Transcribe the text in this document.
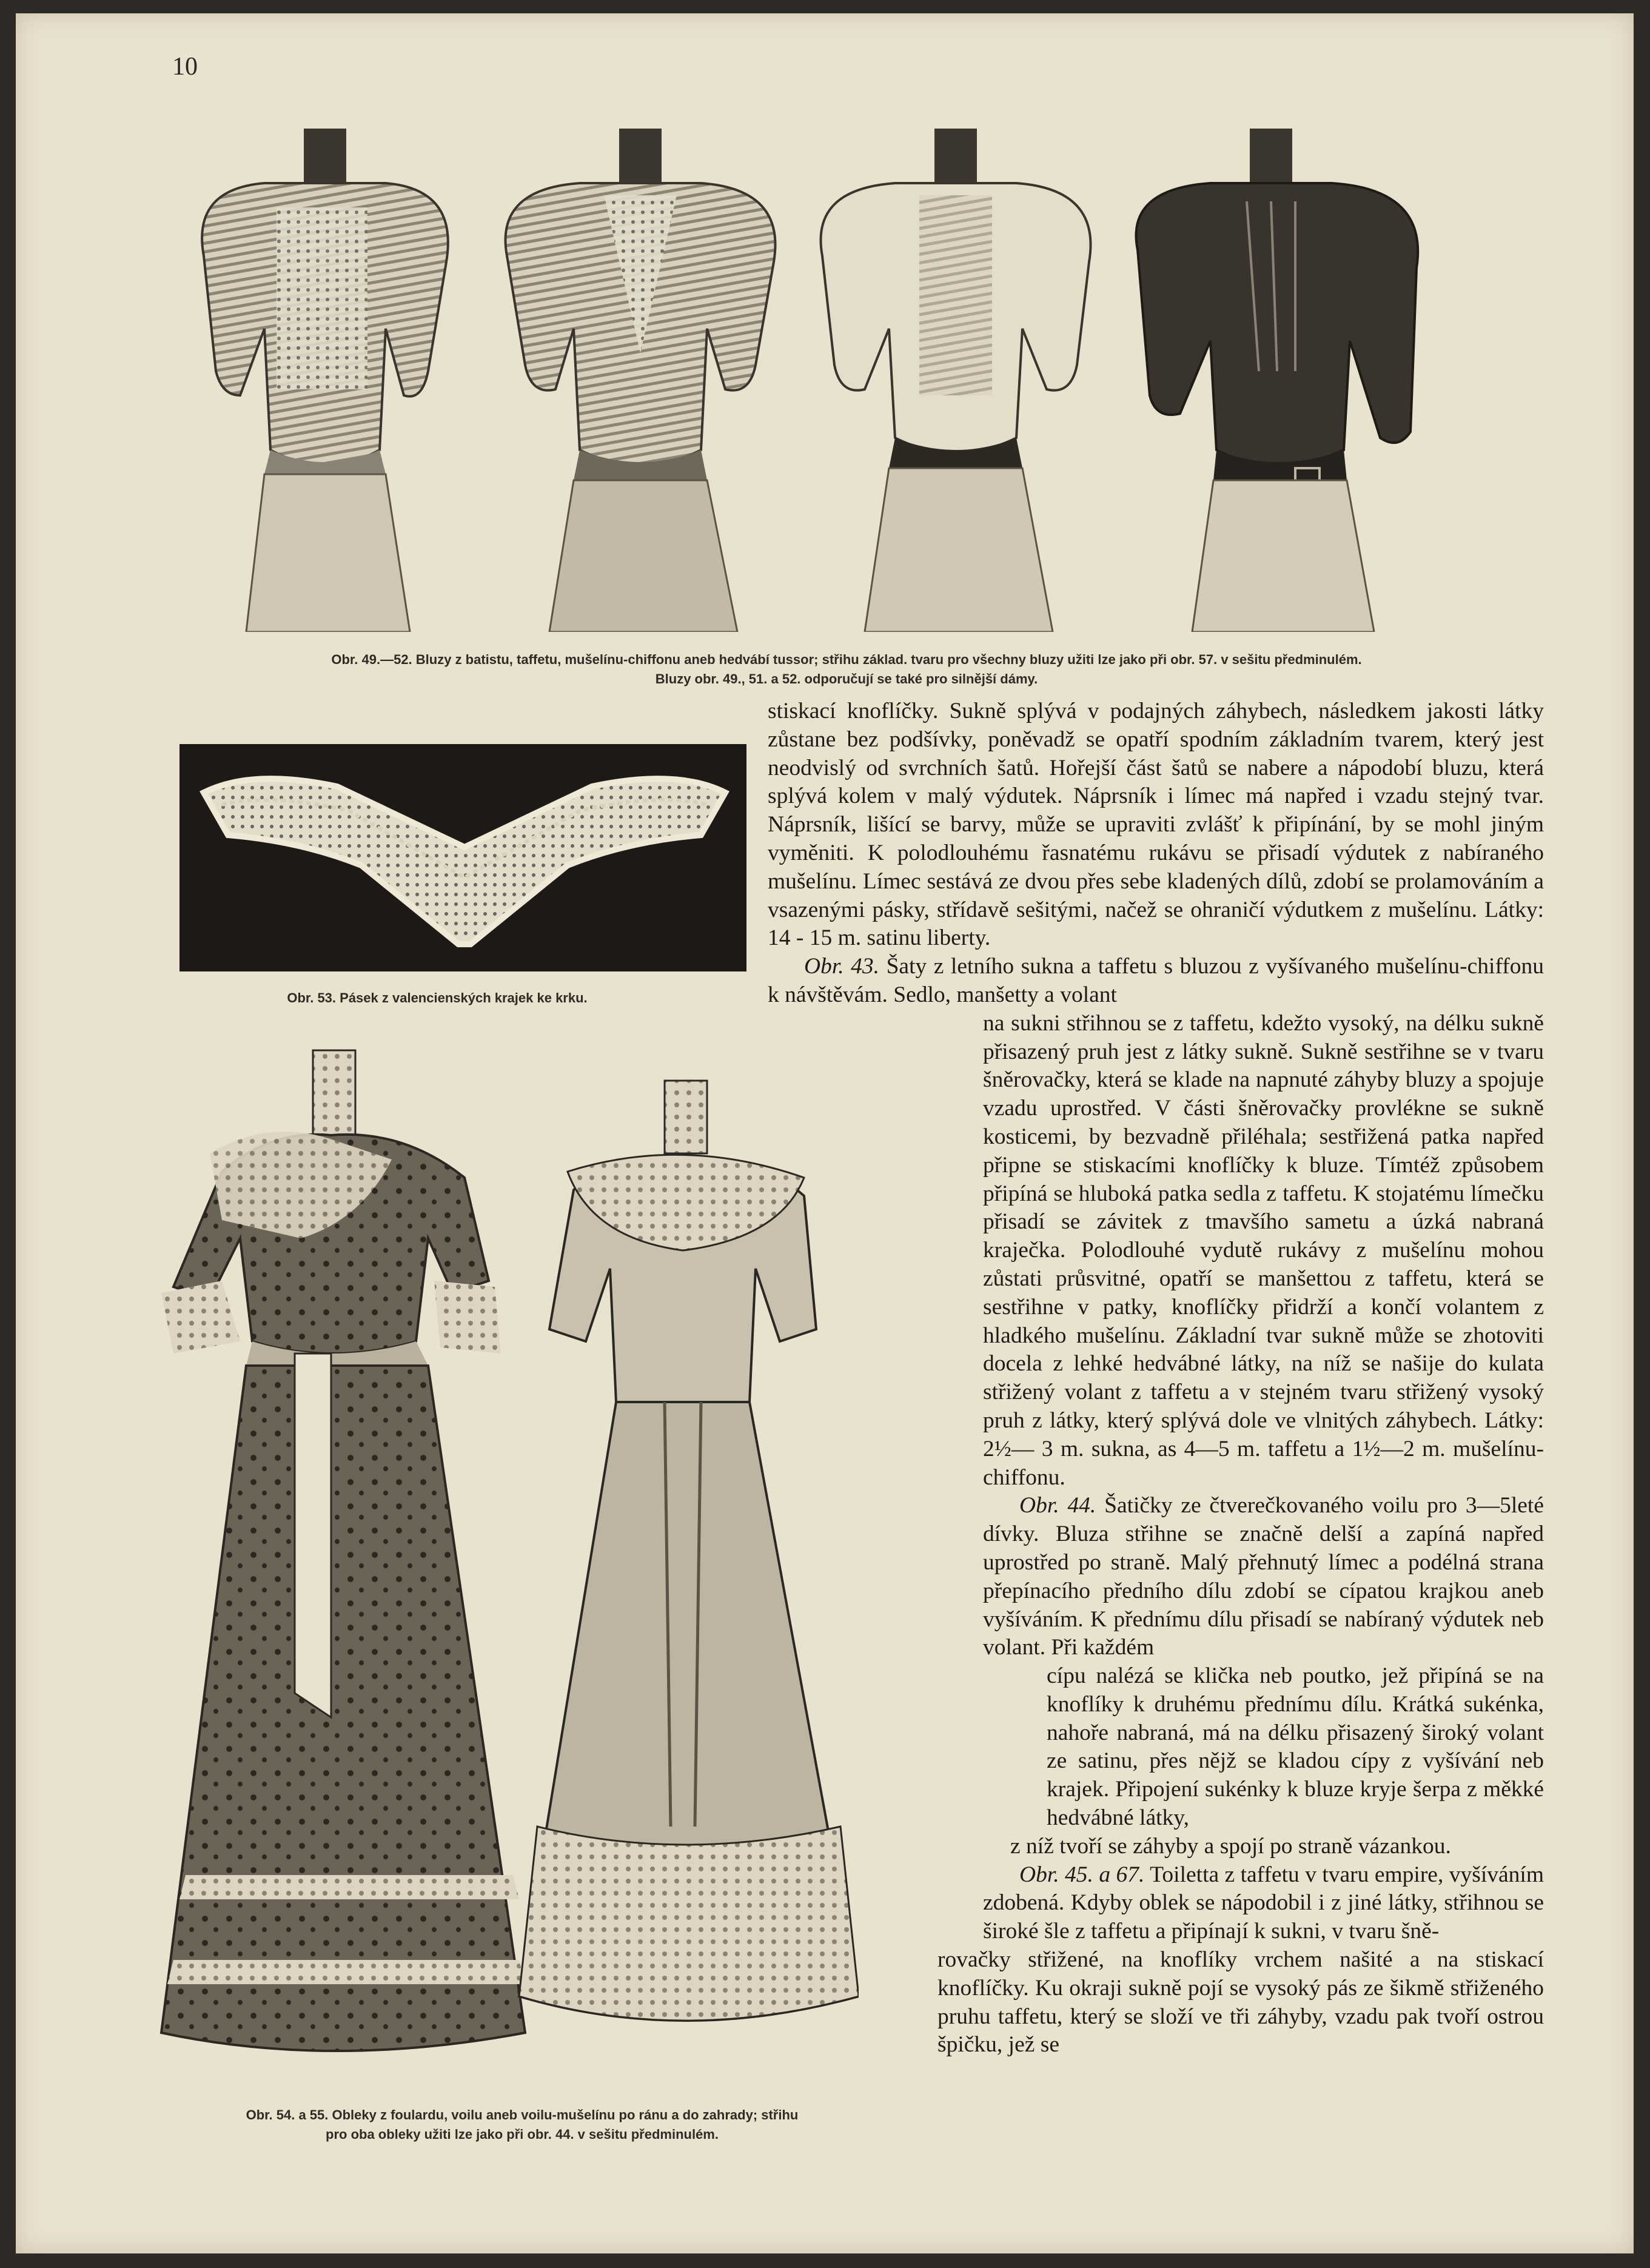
10
Obr. 49.—52. Bluzy z batistu, taffetu, mušelínu-chiffonu aneb hedvábí tussor; střihu základ. tvaru pro všechny bluzy užiti lze jako při obr. 57. v sešitu předminulém.
Bluzy obr. 49., 51. a 52. odporučují se také pro silnější dámy.
Obr. 53. Pásek z valencienských krajek ke krku.
Obr. 54. a 55. Obleky z foulardu, voilu aneb voilu-mušelínu po ránu a do zahrady; střihu
pro oba obleky užiti lze jako při obr. 44. v sešitu předminulém.

stiskací knoflíčky. Sukně splývá v podajných záhybech, následkem jakosti látky zůstane bez podšívky, poněvadž se opatří spodním základním tvarem, který jest neodvislý od svrchních šatů. Hořejší část šatů se nabere a nápodobí bluzu, která splývá kolem v malý výdutek. Náprsník i límec má napřed i vzadu stejný tvar. Náprsník, lišící se barvy, může se upraviti zvlášť k připínání, by se mohl jiným vyměniti. K polodlouhému řasnatému rukávu se přisadí výdutek z nabíraného mušelínu. Límec sestává ze dvou přes sebe kladených dílů, zdobí se prolamováním a vsazenými pásky, střídavě sešitými, načež se ohraničí výdutkem z mušelínu. Látky: 14 - 15 m. satinu liberty.

Obr. 43. Šaty z letního sukna a taffetu s bluzou z vyšívaného mušelínu-chiffonu k návštěvám. Sedlo, manšetty a volant

na sukni střihnou se z taffetu, kdežto vysoký, na délku sukně přisazený pruh jest z látky sukně. Sukně sestřihne se v tvaru šněrovačky, která se klade na napnuté záhyby bluzy a spojuje vzadu uprostřed. V části šněrovačky provlékne se sukně kosticemi, by bezvadně přiléhala; sestřižená patka napřed připne se stiskacími knoflíčky k bluze. Tímtéž způsobem připíná se hluboká patka sedla z taffetu. K stojatému límečku přisadí se závitek z tmavšího sametu a úzká nabraná kraječka. Polodlouhé vydutě rukávy z mušelínu mohou zůstati průsvitné, opatří se manšettou z taffetu, která se sestřihne v patky, knoflíčky přidrží a končí volantem z hladkého mušelínu. Základní tvar sukně může se zhotoviti docela z lehké hedvábné látky, na níž se našije do kulata střižený volant z taffetu a v stejném tvaru střižený vysoký pruh z látky, který splývá dole ve vlnitých záhybech. Látky: 2½— 3 m. sukna, as 4—5 m. taffetu a 1½—2 m. mušelínu-chiffonu.

Obr. 44. Šatičky ze čtverečkovaného voilu pro 3—5leté dívky. Bluza střihne se značně delší a zapíná napřed uprostřed po straně. Malý přehnutý límec a podélná strana přepínacího předního dílu zdobí se cípatou krajkou aneb vyšíváním. K přednímu dílu přisadí se nabíraný výdutek neb volant. Při každém

cípu nalézá se klička neb poutko, jež připíná se na knoflíky k druhému přednímu dílu. Krátká sukénka, nahoře nabraná, má na délku přisazený široký volant ze satinu, přes nějž se kladou cípy z vyšívání neb krajek. Připojení sukénky k bluze kryje šerpa z měkké hedvábné látky,

z níž tvoří se záhyby a spojí po straně vázankou.

Obr. 45. a 67. Toiletta z taffetu v tvaru empire, vyšíváním zdobená. Kdyby oblek se nápodobil i z jiné látky, střihnou se široké šle z taffetu a připínají k sukni, v tvaru šně-

rovačky střižené, na knoflíky vrchem našité a na stiskací knoflíčky. Ku okraji sukně pojí se vysoký pás ze šikmě střiženého pruhu taffetu, který se složí ve tři záhyby, vzadu pak tvoří ostrou špičku, jež se
